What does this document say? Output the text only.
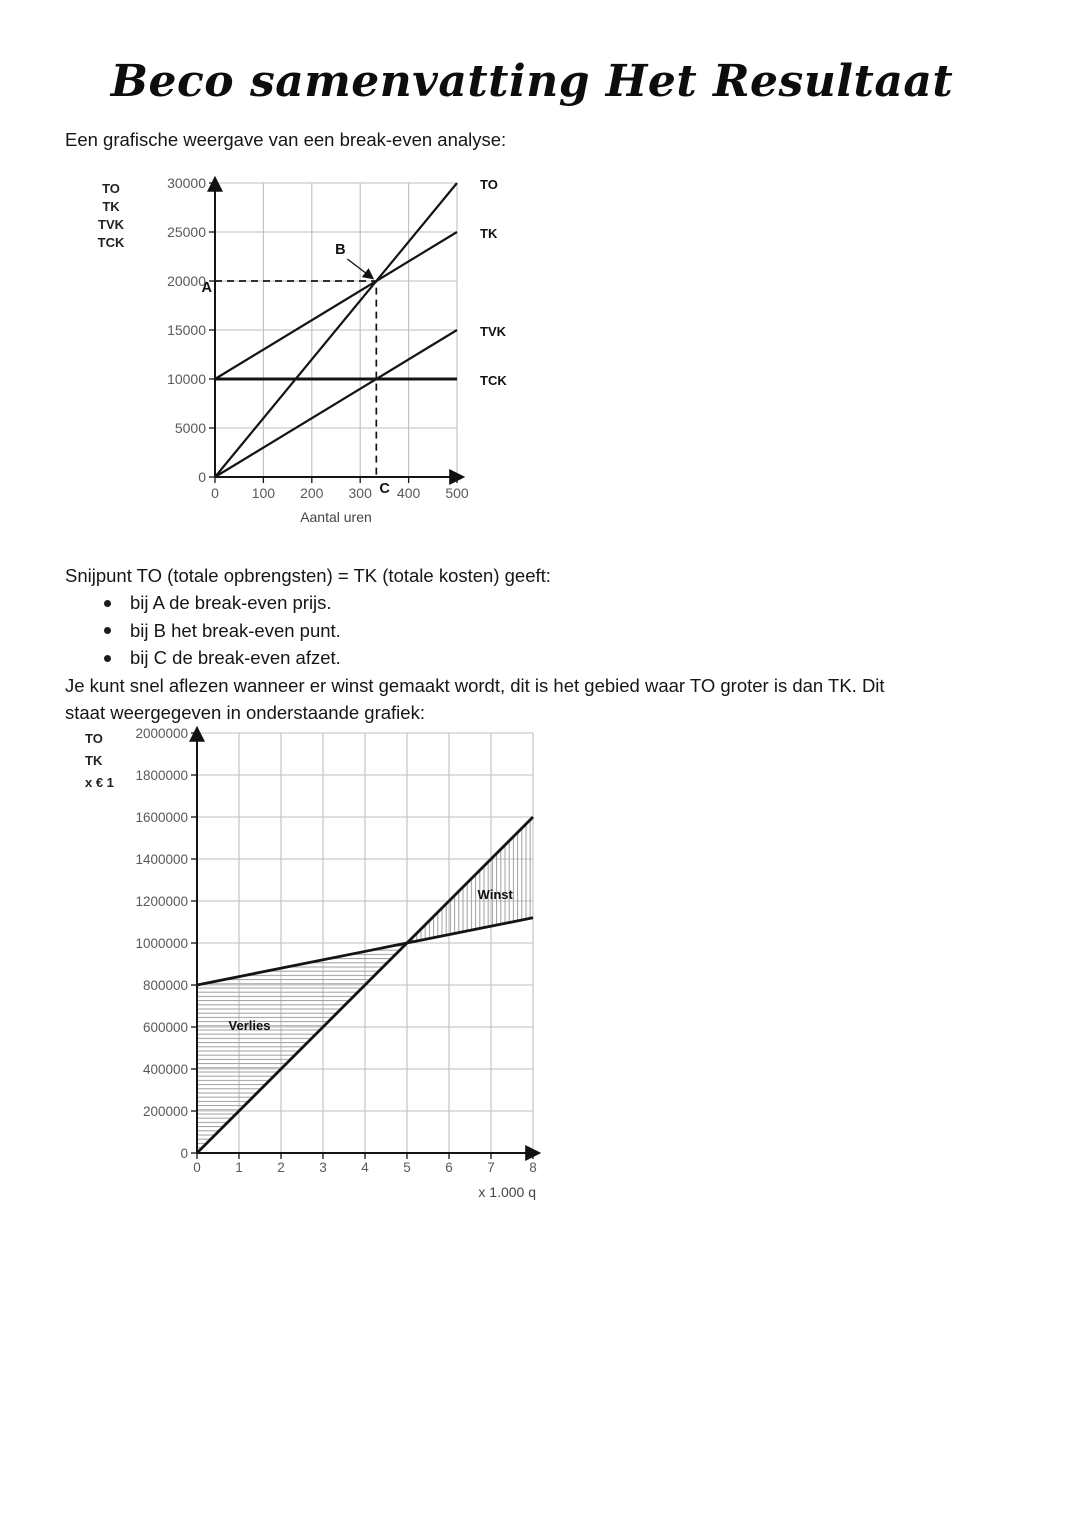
Beco samenvatting Het Resultaat

Een grafische weergave van een break-even analyse:

0 100 200 300 400 500
0
5000
10000
15000
20000
25000
30000
TO
TK
TVK
TCK
Aantal uren
TO
TK
TVK
TCK
A
B
C

Snijpunt TO (totale opbrengsten) = TK (totale kosten) geeft:

bij A de break-even prijs.
bij B het break-even punt.
bij C de break-even afzet.

Je kunt snel aflezen wanneer er winst gemaakt wordt, dit is het gebied waar TO groter is dan TK. Dit

staat weergegeven in onderstaande grafiek:

Winst
Verlies
0	1	2	3	4	5	6	7	8
0
200000
400000
600000
800000
1000000
1200000
1400000
1600000
1800000
2000000
TO
TK
x € 1
x 1.000 q
